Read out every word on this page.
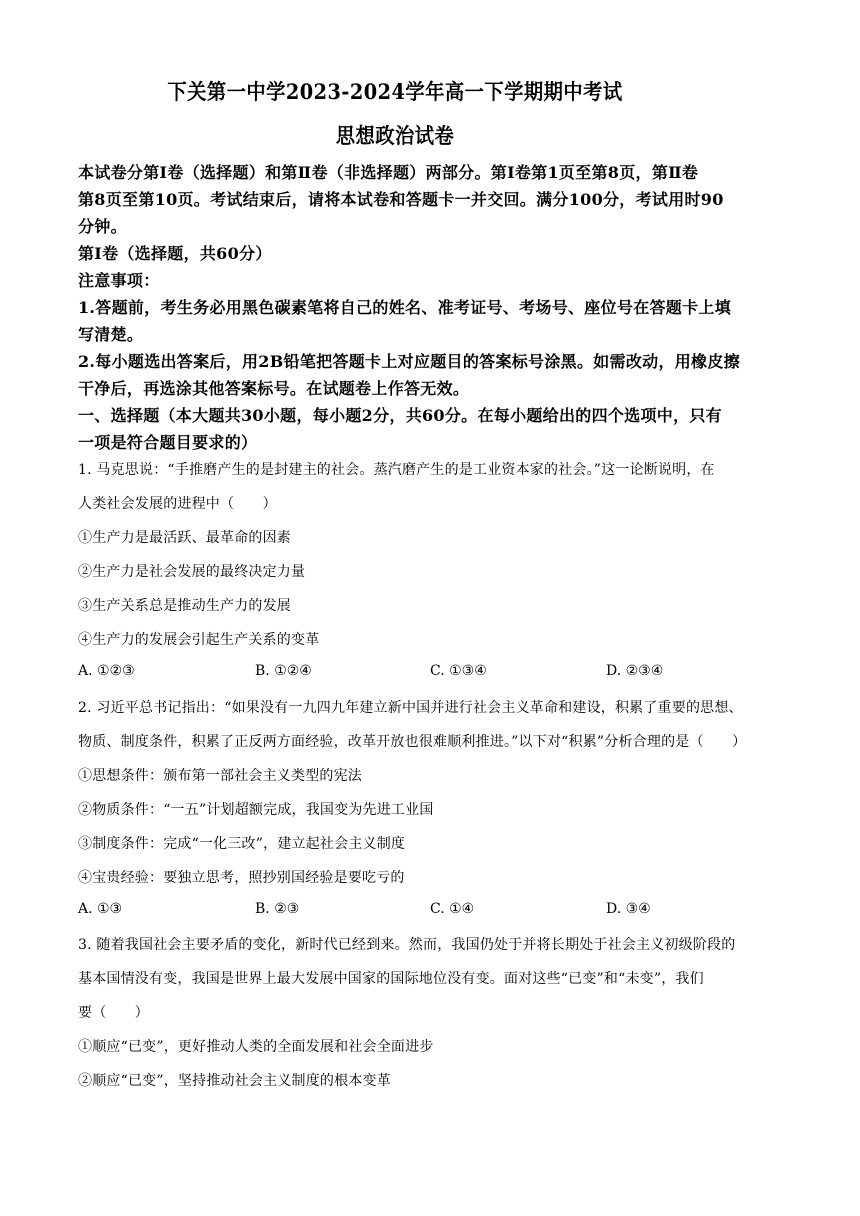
下关第一中学2023-2024学年高一下学期期中考试
思想政治试卷
本试卷分第Ⅰ卷（选择题）和第Ⅱ卷（非选择题）两部分。第Ⅰ卷第1页至第8页，第Ⅱ卷
第8页至第10页。考试结束后，请将本试卷和答题卡一并交回。满分100分，考试用时90
分钟。
第Ⅰ卷（选择题，共60分）
注意事项：
1.答题前，考生务必用黑色碳素笔将自己的姓名、准考证号、考场号、座位号在答题卡上填
写清楚。
2.每小题选出答案后，用2B铅笔把答题卡上对应题目的答案标号涂黑。如需改动，用橡皮擦
干净后，再选涂其他答案标号。在试题卷上作答无效。
一、选择题（本大题共30小题，每小题2分，共60分。在每小题给出的四个选项中，只有
一项是符合题目要求的）
1. 马克思说：“手推磨产生的是封建主的社会。蒸汽磨产生的是工业资本家的社会。”这一论断说明，在
人类社会发展的进程中（　　）
①生产力是最活跃、最革命的因素
②生产力是社会发展的最终决定力量
③生产关系总是推动生产力的发展
④生产力的发展会引起生产关系的变革
A. ①②③	B. ①②④	C. ①③④	D. ②③④
2. 习近平总书记指出：“如果没有一九四九年建立新中国并进行社会主义革命和建设，积累了重要的思想、
物质、制度条件，积累了正反两方面经验，改革开放也很难顺利推进。”以下对“积累”分析合理的是（　　）
①思想条件：颁布第一部社会主义类型的宪法
②物质条件：“一五”计划超额完成，我国变为先进工业国
③制度条件：完成“一化三改”，建立起社会主义制度
④宝贵经验：要独立思考，照抄别国经验是要吃亏的
A. ①③	B. ②③	C. ①④	D. ③④
3. 随着我国社会主要矛盾的变化，新时代已经到来。然而，我国仍处于并将长期处于社会主义初级阶段的
基本国情没有变，我国是世界上最大发展中国家的国际地位没有变。面对这些“已变”和“未变”，我们
要（　　）
①顺应“已变”，更好推动人类的全面发展和社会全面进步
②顺应“已变”，坚持推动社会主义制度的根本变革
